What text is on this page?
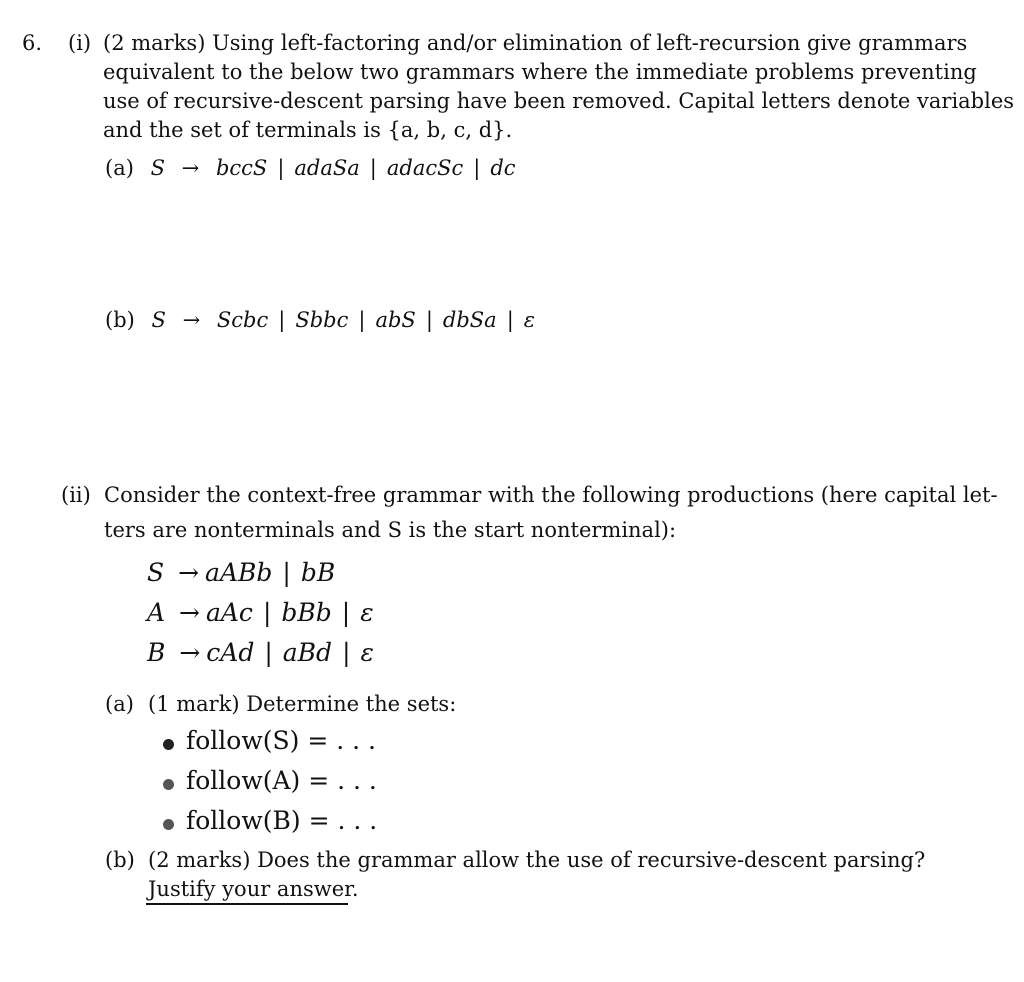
6. (i) (2 marks) Using left-factoring and/or elimination of left-recursion give grammars
equivalent to the below two grammars where the immediate problems preventing
use of recursive-descent parsing have been removed. Capital letters denote variables
and the set of terminals is {a, b, c, d}.
(a) S → bccS | adaSa | adacSc | dc
(b) S → Scbc | Sbbc | abS | dbSa | ε
(ii) Consider the context-free grammar with the following productions (here capital let-
ters are nonterminals and S is the start nonterminal):
S → aABb | bB
A → aAc | bBb | ε
B → cAd | aBd | ε
(a) (1 mark) Determine the sets:
follow(S) = . . .
follow(A) = . . .
follow(B) = . . .
(b) (2 marks) Does the grammar allow the use of recursive-descent parsing?
Justify your answer.
